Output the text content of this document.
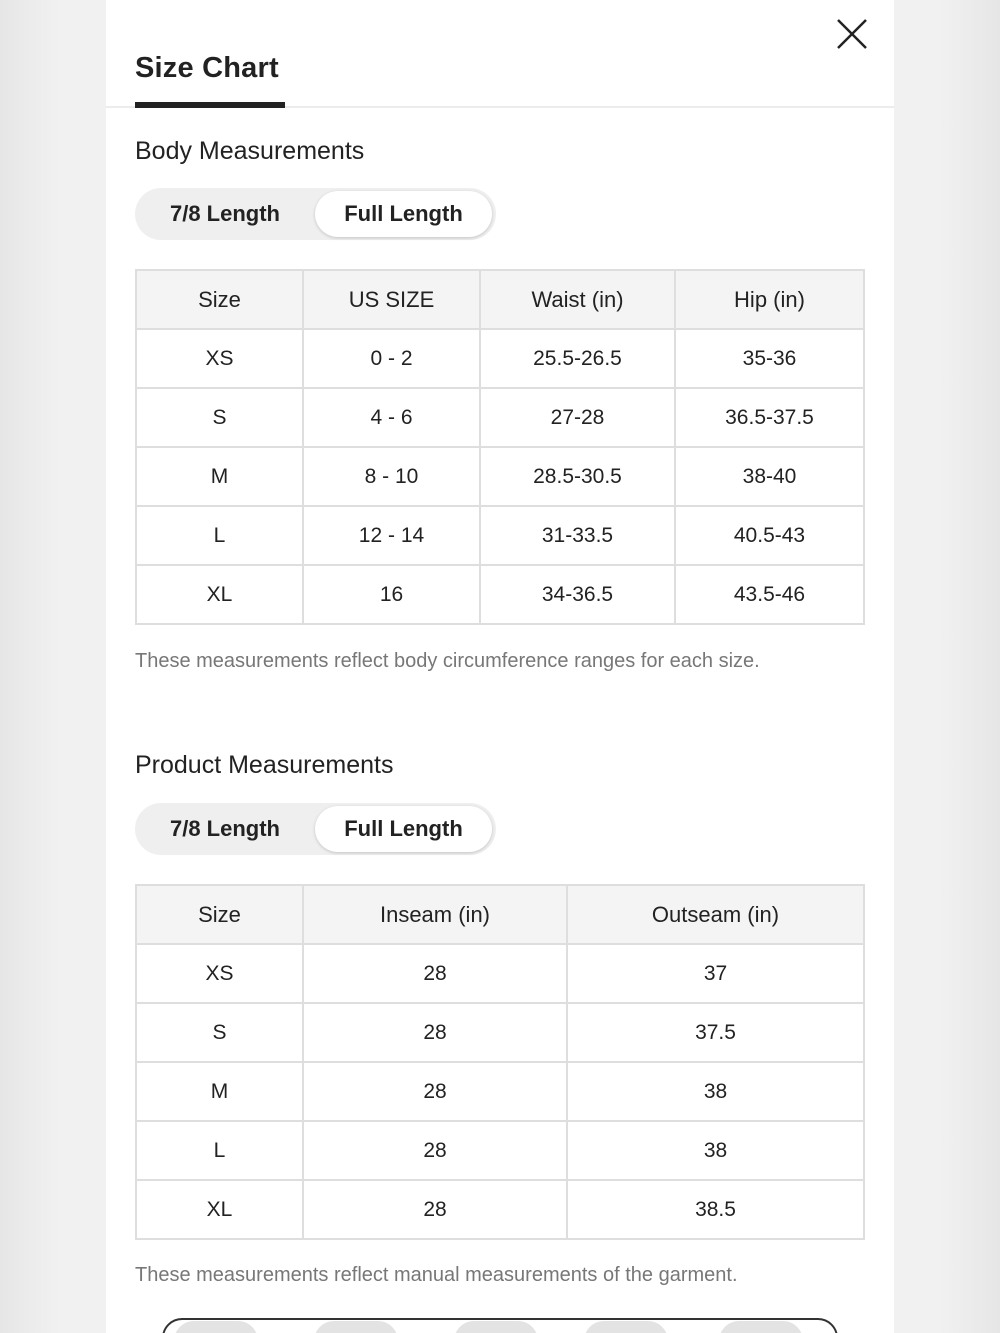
Size Chart
Body Measurements
7/8 Length	Full Length
Size	US SIZE	Waist (in)	Hip (in)
XS	0 - 2	25.5-26.5	35-36
S	4 - 6	27-28	36.5-37.5
M	8 - 10	28.5-30.5	38-40
L	12 - 14	31-33.5	40.5-43
XL	16	34-36.5	43.5-46
These measurements reflect body circumference ranges for each size.
Product Measurements
7/8 Length	Full Length
Size	Inseam (in)	Outseam (in)
XS	28	37
S	28	37.5
M	28	38
L	28	38
XL	28	38.5
These measurements reflect manual measurements of the garment.
